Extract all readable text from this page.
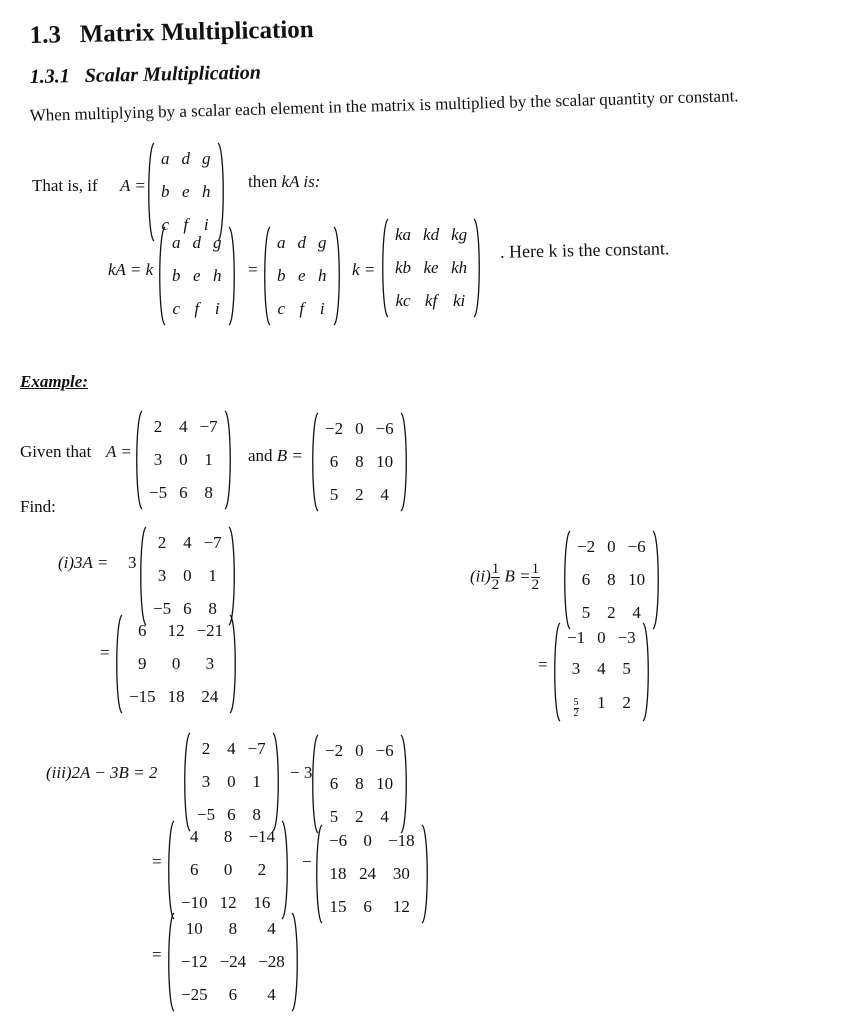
1.3 Matrix Multiplication
1.3.1 Scalar Multiplication
When multiplying by a scalar each element in the matrix is multiplied by the scalar quantity or constant.
That is, if A =
a	d	g
b	e	h
c	f	i
then kA is:
kA = k
a	d	g
b	e	h
c	f	i
=
a	d	g
b	e	h
c	f	i
k =
ka	kd	kg
kb	ke	kh
kc	kf	ki
. Here k is the constant.
Example:
Given that A =
2	4	−7
3	0	1
−5	6	8
and B =
−2	0	−6
6	8	10
5	2	4
Find:
(i)3A = 3
2	4	−7
3	0	1
−5	6	8
=
6	12	−21
9	0	3
−15	18	24
$(ii) \frac{1}{2}$ $B = \frac{1}{2}$
−2	0	−6
6	8	10
5	2	4
=
−1	0	−3
3	4	5

$\frac{5}{2}$	1	2
(iii)2A − 3B = 2
2	4	−7
3	0	1
−5	6	8
− 3
−2	0	−6
6	8	10
5	2	4
=
4	8	−14
6	0	2
−10	12	16
−
−6	0	−18
18	24	30
15	6	12
=
10	8	4
−12	−24	−28
−25	6	4
